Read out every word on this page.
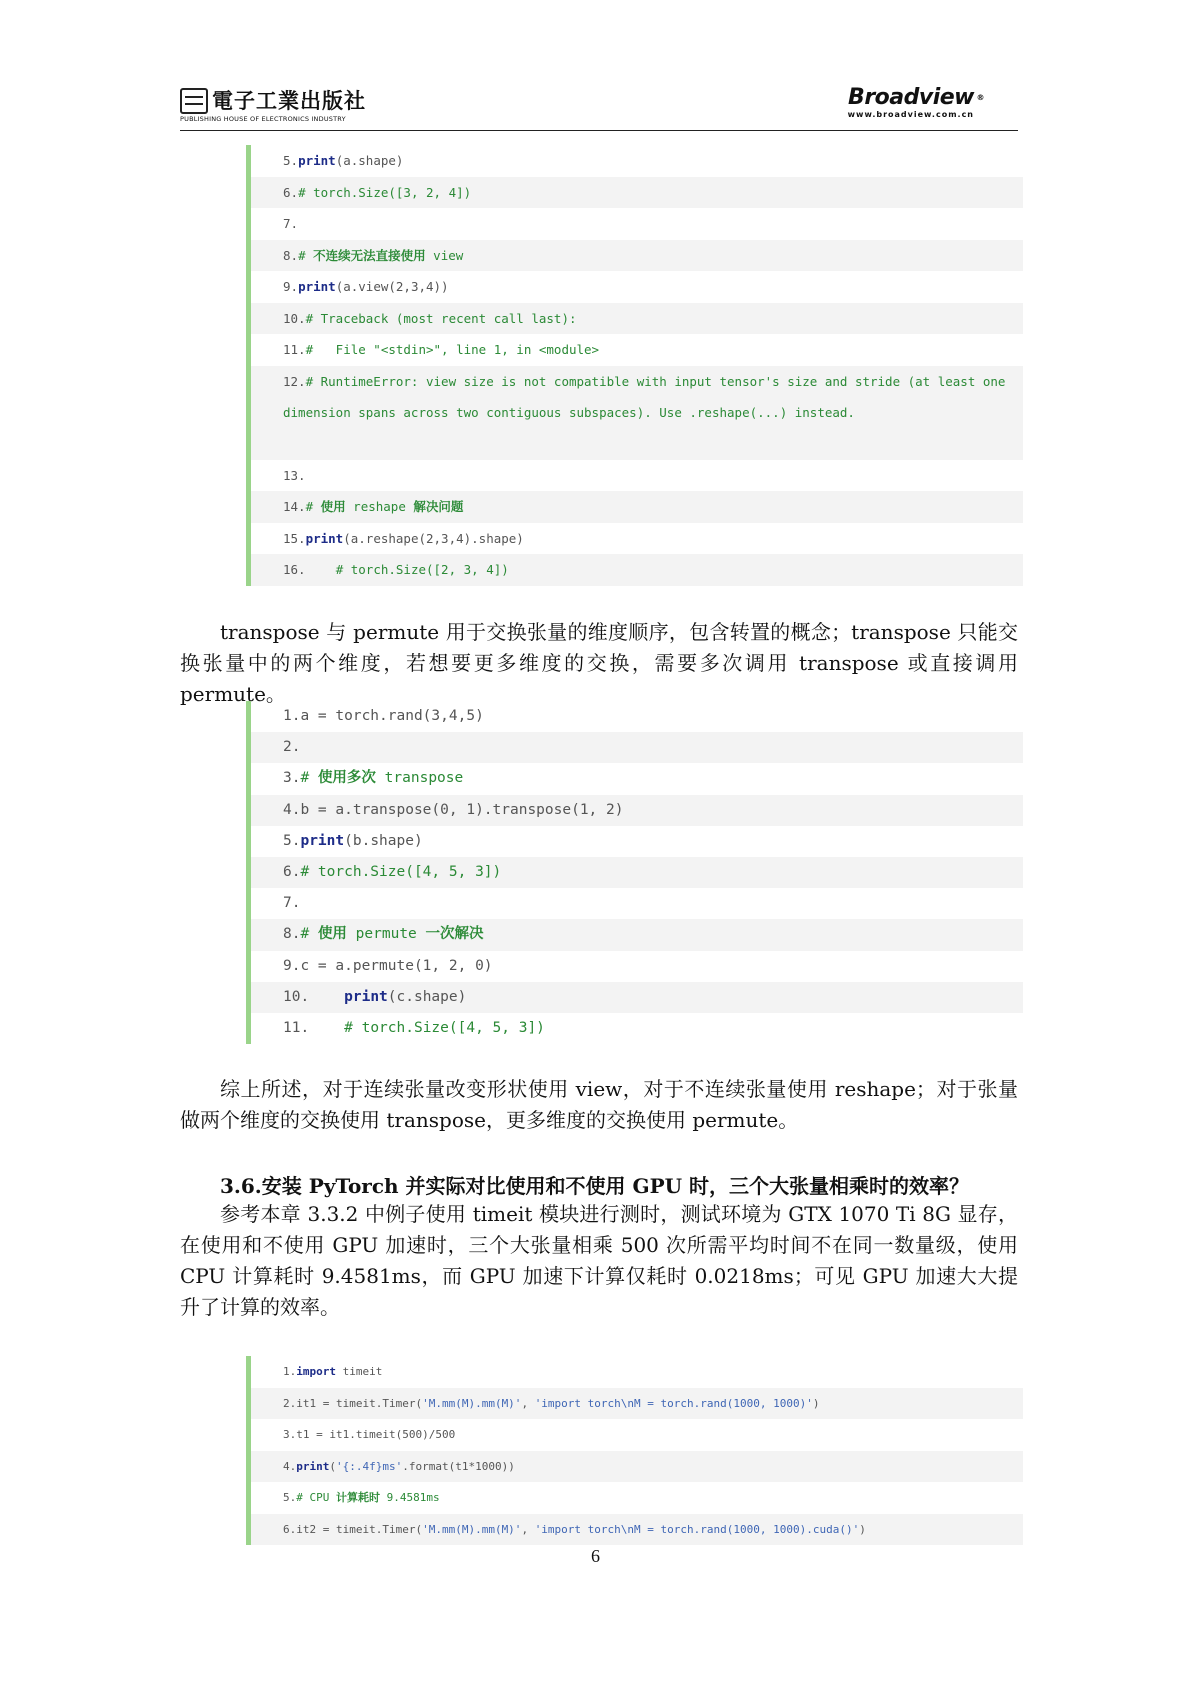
電子工業出版社
PUBLISHING HOUSE OF ELECTRONICS INDUSTRY
Broadview ®
www.broadview.com.cn
5.print(a.shape)
6.# torch.Size([3, 2, 4])
7.
8.# 不连续无法直接使用 view
9.print(a.view(2,3,4))
10.# Traceback (most recent call last):
11.#   File "<stdin>", line 1, in <module>
12.# RuntimeError: view size is not compatible with input tensor's size and stride (at least one dimension spans across two contiguous subspaces). Use .reshape(...) instead.
13.
14.# 使用 reshape 解决问题
15.print(a.reshape(2,3,4).shape)
16. # torch.Size([2, 3, 4])
transpose 与 permute 用于交换张量的维度顺序，包含转置的概念；transpose 只能交换张量中的两个维度，若想要更多维度的交换，需要多次调用 transpose 或直接调用 permute。
1.a = torch.rand(3,4,5)
2.
3.# 使用多次 transpose
4.b = a.transpose(0, 1).transpose(1, 2)
5.print(b.shape)
6.# torch.Size([4, 5, 3])
7.
8.# 使用 permute 一次解决
9.c = a.permute(1, 2, 0)
10. print(c.shape)
11. # torch.Size([4, 5, 3])
综上所述，对于连续张量改变形状使用 view，对于不连续张量使用 reshape；对于张量做两个维度的交换使用 transpose，更多维度的交换使用 permute。
3.6.安装 PyTorch 并实际对比使用和不使用 GPU 时，三个大张量相乘时的效率？
参考本章 3.3.2 中例子使用 timeit 模块进行测时，测试环境为 GTX 1070 Ti 8G 显存，在使用和不使用 GPU 加速时，三个大张量相乘 500 次所需平均时间不在同一数量级，使用 CPU 计算耗时 9.4581ms，而 GPU 加速下计算仅耗时 0.0218ms；可见 GPU 加速大大提升了计算的效率。
1.import timeit
2.it1 = timeit.Timer('M.mm(M).mm(M)', 'import torch\nM = torch.rand(1000, 1000)')
3.t1 = it1.timeit(500)/500
4.print('{:.4f}ms'.format(t1*1000))
5.# CPU 计算耗时 9.4581ms
6.it2 = timeit.Timer('M.mm(M).mm(M)', 'import torch\nM = torch.rand(1000, 1000).cuda()')
6
